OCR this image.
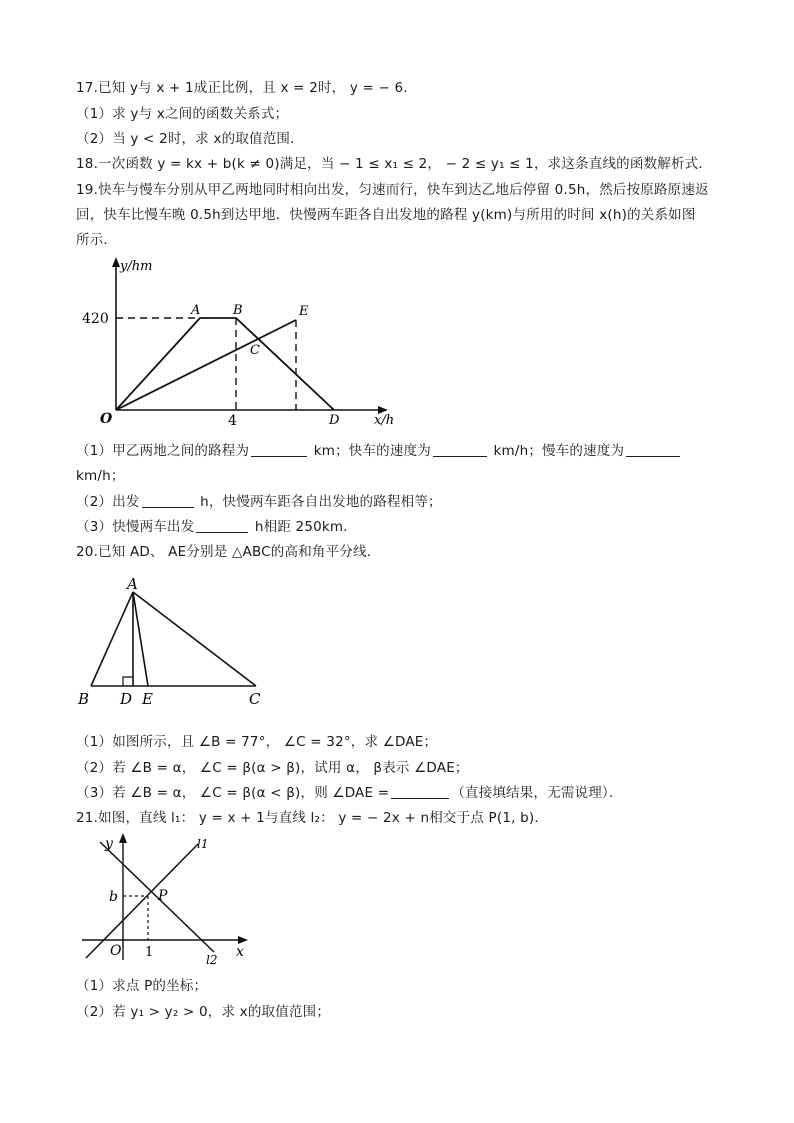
17.已知 y与 x + 1成正比例，且 x = 2时， y = − 6．
（1）求 y与 x之间的函数关系式；
（2）当 y < 2时，求 x的取值范围．
18.一次函数 y = kx + b(k ≠ 0)满足，当 − 1 ≤ x₁ ≤ 2， − 2 ≤ y₁ ≤ 1，求这条直线的函数解析式．
19.快车与慢车分别从甲乙两地同时相向出发，匀速而行，快车到达乙地后停留 0.5h，然后按原路原速返
回，快车比慢车晚 0.5h到达甲地．快慢两车距各自出发地的路程 y(km)与所用的时间 x(h)的关系如图
所示．
y/hm
x/h
420
4
O
A	B
C
D
E
（1）甲乙两地之间的路程为	km；快车的速度为	km/h；慢车的速度为
km/h；
（2）出发	h，快慢两车距各自出发地的路程相等；
（3）快慢两车出发	h相距 250km．
20.已知 AD、 AE分别是 △ABC的高和角平分线．
A
B D E	C
（1）如图所示，且 ∠B = 77°， ∠C = 32°，求 ∠DAE；
（2）若 ∠B = α， ∠C = β(α > β)，试用 α， β表示 ∠DAE；
（3）若 ∠B = α， ∠C = β(α < β)，则 ∠DAE =	（直接填结果，无需说理）．
21.如图，直线 l₁： y = x + 1与直线 l₂： y = − 2x + n相交于点 P(1, b)．
y
x
O
b
1
P
l1
l2
（1）求点 P的坐标；
（2）若 y₁ > y₂ > 0，求 x的取值范围；
